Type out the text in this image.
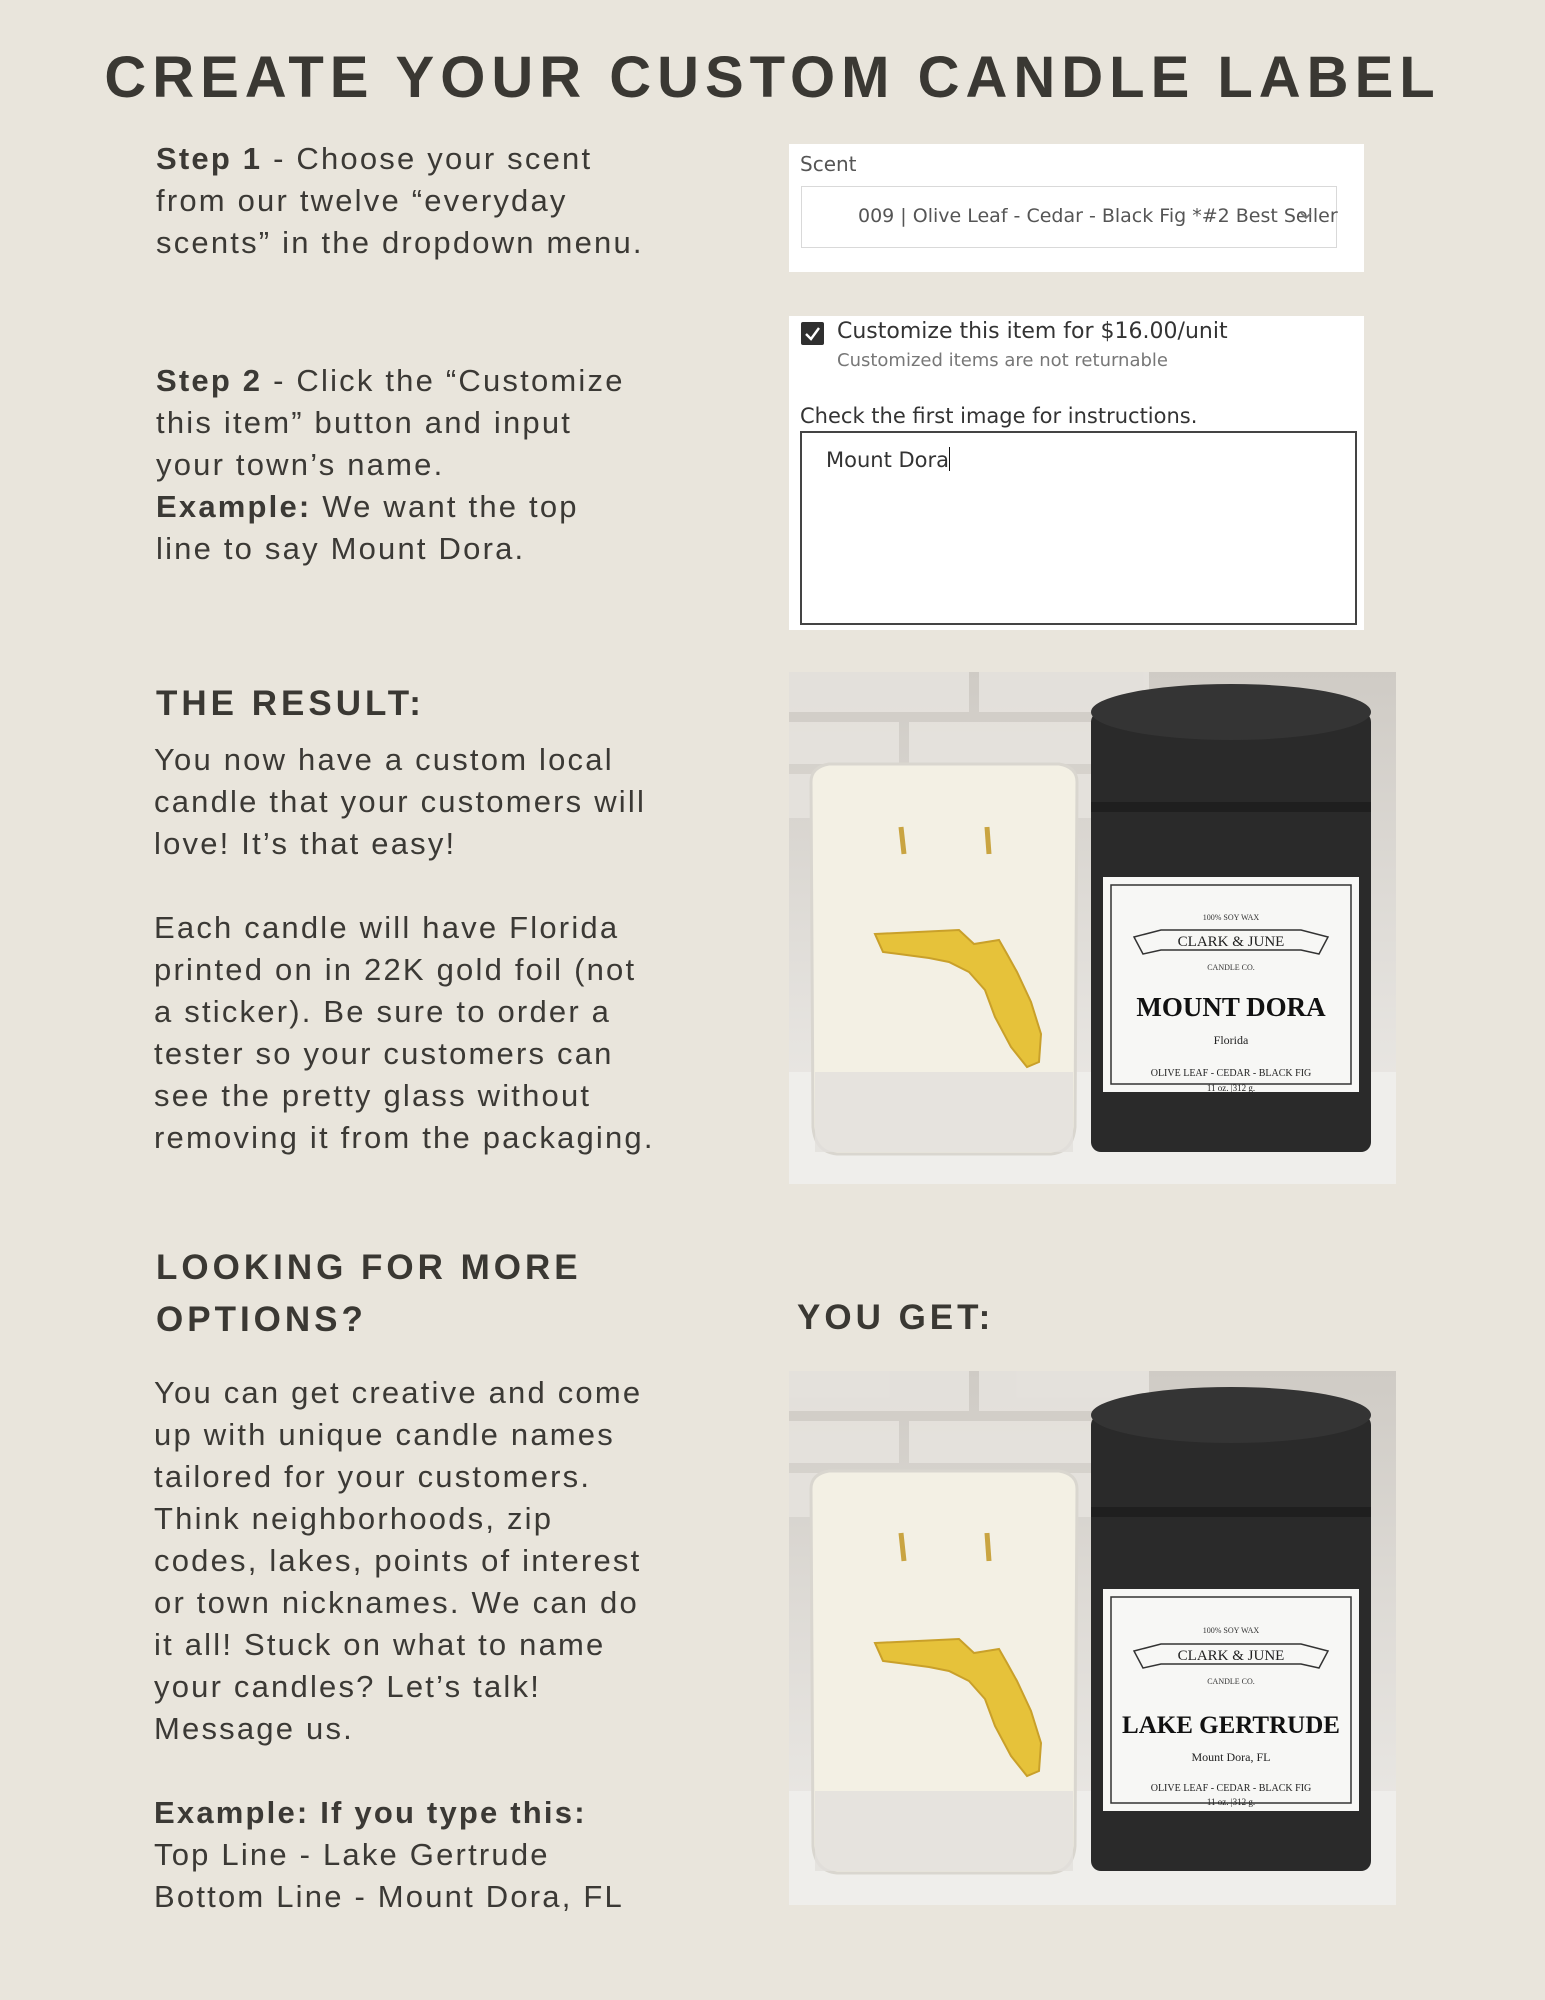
CREATE YOUR CUSTOM CANDLE LABEL
Step 1 - Choose your scent
from our twelve “everyday
scents” in the dropdown menu.
Scent
009 | Olive Leaf - Cedar - Black Fig *#2 Best Seller
Step 2 - Click the “Customize
this item” button and input
your town’s name.
Example: We want the top
line to say Mount Dora.
Customize this item for $16.00/unit
Customized items are not returnable
Check the first image for instructions.
Mount Dora
THE RESULT:
You now have a custom local
candle that your customers will
love! It’s that easy!
Each candle will have Florida
printed on in 22K gold foil (not
a sticker). Be sure to order a
tester so your customers can
see the pretty glass without
removing it from the packaging.
100% SOY WAX
CLARK & JUNE
CANDLE CO.
MOUNT DORA
Florida
OLIVE LEAF - CEDAR - BLACK FIG
11 oz. |312 g.
LOOKING FOR MORE
OPTIONS?	YOU GET:
You can get creative and come
up with unique candle names
tailored for your customers.
Think neighborhoods, zip
codes, lakes, points of interest
or town nicknames. We can do
it all! Stuck on what to name
your candles? Let’s talk!
Message us.
Example: If you type this:
Top Line - Lake Gertrude
Bottom Line - Mount Dora, FL
100% SOY WAX
CLARK & JUNE
CANDLE CO.
LAKE GERTRUDE
Mount Dora, FL
OLIVE LEAF - CEDAR - BLACK FIG
11 oz. |312 g.
